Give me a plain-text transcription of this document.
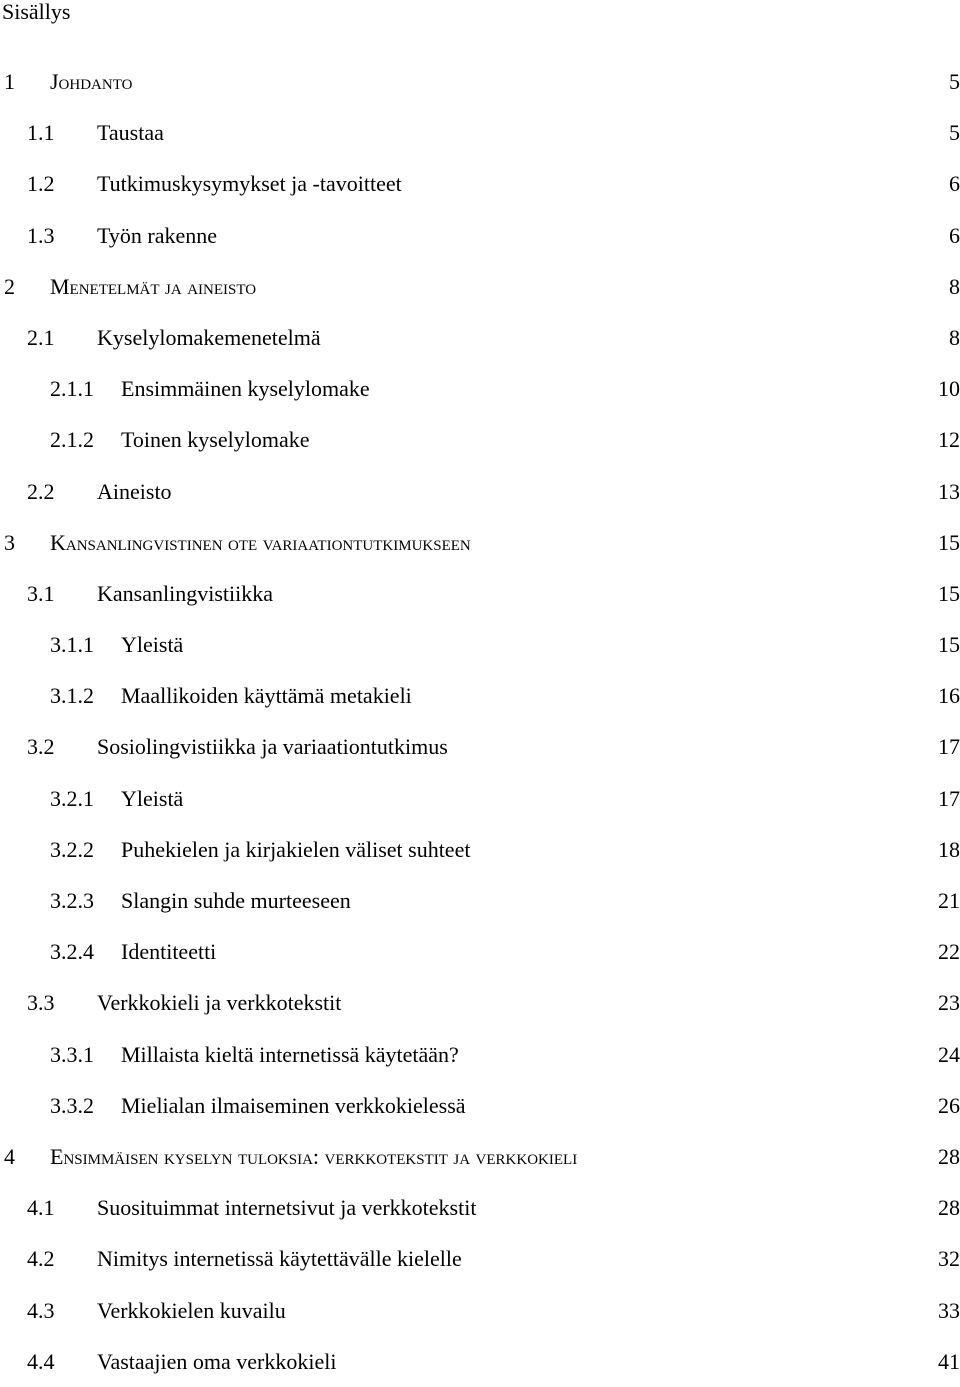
Sisällys
1 Johdanto	5
1.1 Taustaa	5
1.2 Tutkimuskysymykset ja -tavoitteet	6
1.3 Työn rakenne	6
2 Menetelmät ja aineisto	8
2.1 Kyselylomakemenetelmä	8
2.1.1 Ensimmäinen kyselylomake	10
2.1.2 Toinen kyselylomake	12
2.2 Aineisto	13
3 Kansanlingvistinen ote variaationtutkimukseen	15
3.1 Kansanlingvistiikka	15
3.1.1 Yleistä	15
3.1.2 Maallikoiden käyttämä metakieli	16
3.2 Sosiolingvistiikka ja variaationtutkimus	17
3.2.1 Yleistä	17
3.2.2 Puhekielen ja kirjakielen väliset suhteet	18
3.2.3 Slangin suhde murteeseen	21
3.2.4 Identiteetti	22
3.3 Verkkokieli ja verkkotekstit	23
3.3.1 Millaista kieltä internetissä käytetään?	24
3.3.2 Mielialan ilmaiseminen verkkokielessä	26
4 Ensimmäisen kyselyn tuloksia: verkkotekstit ja verkkokieli	28
4.1 Suosituimmat internetsivut ja verkkotekstit	28
4.2 Nimitys internetissä käytettävälle kielelle	32
4.3 Verkkokielen kuvailu	33
4.4 Vastaajien oma verkkokieli	41
